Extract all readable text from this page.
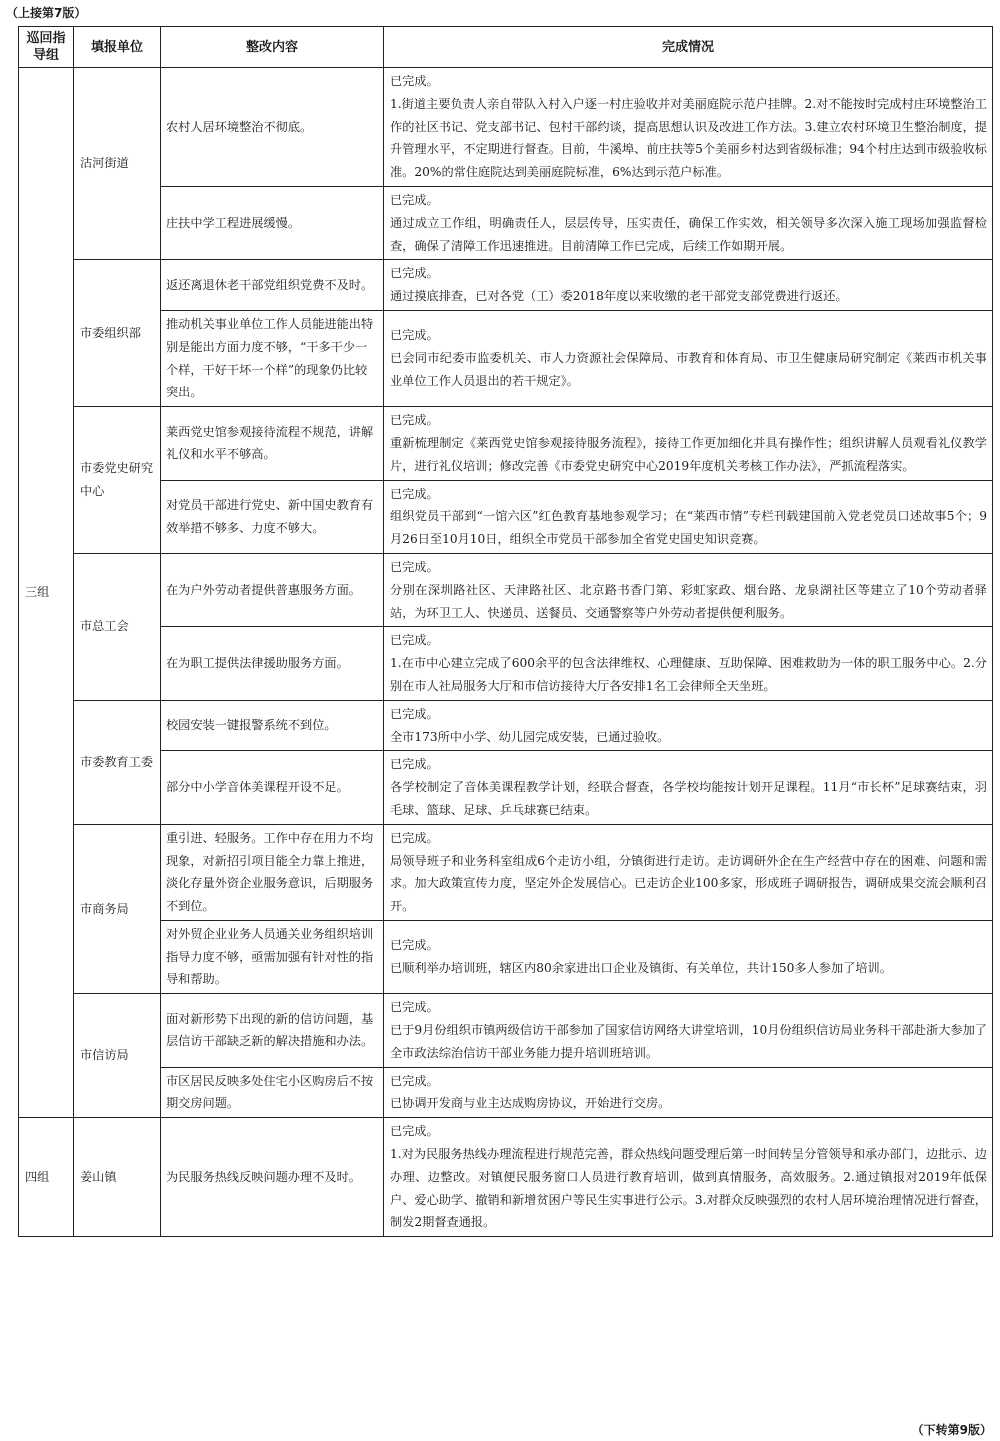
（上接第7版）
巡回指导组	填报单位	整改内容	完成情况
三组	沽河街道	农村人居环境整治不彻底。	已完成。
1.街道主要负责人亲自带队入村入户逐一村庄验收并对美丽庭院示范户挂牌。2.对不能按时完成村庄环境整治工作的社区书记、党支部书记、包村干部约谈，提高思想认识及改进工作方法。3.建立农村环境卫生整治制度，提升管理水平，不定期进行督查。目前，牛溪埠、前庄扶等5个美丽乡村达到省级标准；94个村庄达到市级验收标准。20%的常住庭院达到美丽庭院标准，6%达到示范户标准。

		庄扶中学工程进展缓慢。	已完成。
通过成立工作组，明确责任人，层层传导，压实责任，确保工作实效，相关领导多次深入施工现场加强监督检查，确保了清障工作迅速推进。目前清障工作已完成，后续工作如期开展。

	市委组织部	返还离退休老干部党组织党费不及时。	已完成。
通过摸底排查，已对各党（工）委2018年度以来收缴的老干部党支部党费进行返还。

		推动机关事业单位工作人员能进能出特别是能出方面力度不够，“干多干少一个样，干好干坏一个样”的现象仍比较突出。	已完成。
已会同市纪委市监委机关、市人力资源社会保障局、市教育和体育局、市卫生健康局研究制定《莱西市机关事业单位工作人员退出的若干规定》。

	市委党史研究中心	莱西党史馆参观接待流程不规范，讲解礼仪和水平不够高。	已完成。
重新梳理制定《莱西党史馆参观接待服务流程》，接待工作更加细化并具有操作性；组织讲解人员观看礼仪教学片，进行礼仪培训；修改完善《市委党史研究中心2019年度机关考核工作办法》，严抓流程落实。

		对党员干部进行党史、新中国史教育有效举措不够多、力度不够大。	已完成。
组织党员干部到“一馆六区”红色教育基地参观学习；在“莱西市情”专栏刊载建国前入党老党员口述故事5个；9月26日至10月10日，组织全市党员干部参加全省党史国史知识竞赛。

	市总工会	在为户外劳动者提供普惠服务方面。	已完成。
分别在深圳路社区、天津路社区、北京路书香门第、彩虹家政、烟台路、龙泉湖社区等建立了10个劳动者驿站，为环卫工人、快递员、送餐员、交通警察等户外劳动者提供便利服务。

		在为职工提供法律援助服务方面。	已完成。
1.在市中心建立完成了600余平的包含法律维权、心理健康、互助保障、困难救助为一体的职工服务中心。2.分别在市人社局服务大厅和市信访接待大厅各安排1名工会律师全天坐班。

	市委教育工委	校园安装一键报警系统不到位。	已完成。
全市173所中小学、幼儿园完成安装，已通过验收。

		部分中小学音体美课程开设不足。	已完成。
各学校制定了音体美课程教学计划，经联合督查，各学校均能按计划开足课程。11月“市长杯”足球赛结束，羽毛球、篮球、足球、乒乓球赛已结束。

	市商务局	重引进、轻服务。工作中存在用力不均现象，对新招引项目能全力靠上推进，淡化存量外资企业服务意识，后期服务不到位。	已完成。
局领导班子和业务科室组成6个走访小组，分镇街进行走访。走访调研外企在生产经营中存在的困难、问题和需求。加大政策宣传力度，坚定外企发展信心。已走访企业100多家，形成班子调研报告，调研成果交流会顺利召开。

		对外贸企业业务人员通关业务组织培训指导力度不够，亟需加强有针对性的指导和帮助。	已完成。
已顺利举办培训班，辖区内80余家进出口企业及镇街、有关单位，共计150多人参加了培训。

	市信访局	面对新形势下出现的新的信访问题，基层信访干部缺乏新的解决措施和办法。	已完成。
已于9月份组织市镇两级信访干部参加了国家信访网络大讲堂培训，10月份组织信访局业务科干部赴浙大参加了全市政法综治信访干部业务能力提升培训班培训。

		市区居民反映多处住宅小区购房后不按期交房问题。	已完成。
已协调开发商与业主达成购房协议，开始进行交房。

四组	姜山镇	为民服务热线反映问题办理不及时。	已完成。
1.对为民服务热线办理流程进行规范完善，群众热线问题受理后第一时间转呈分管领导和承办部门，边批示、边办理、边整改。对镇便民服务窗口人员进行教育培训，做到真情服务，高效服务。2.通过镇报对2019年低保户、爱心助学、撤销和新增贫困户等民生实事进行公示。3.对群众反映强烈的农村人居环境治理情况进行督查，制发2期督查通报。
（下转第9版）
